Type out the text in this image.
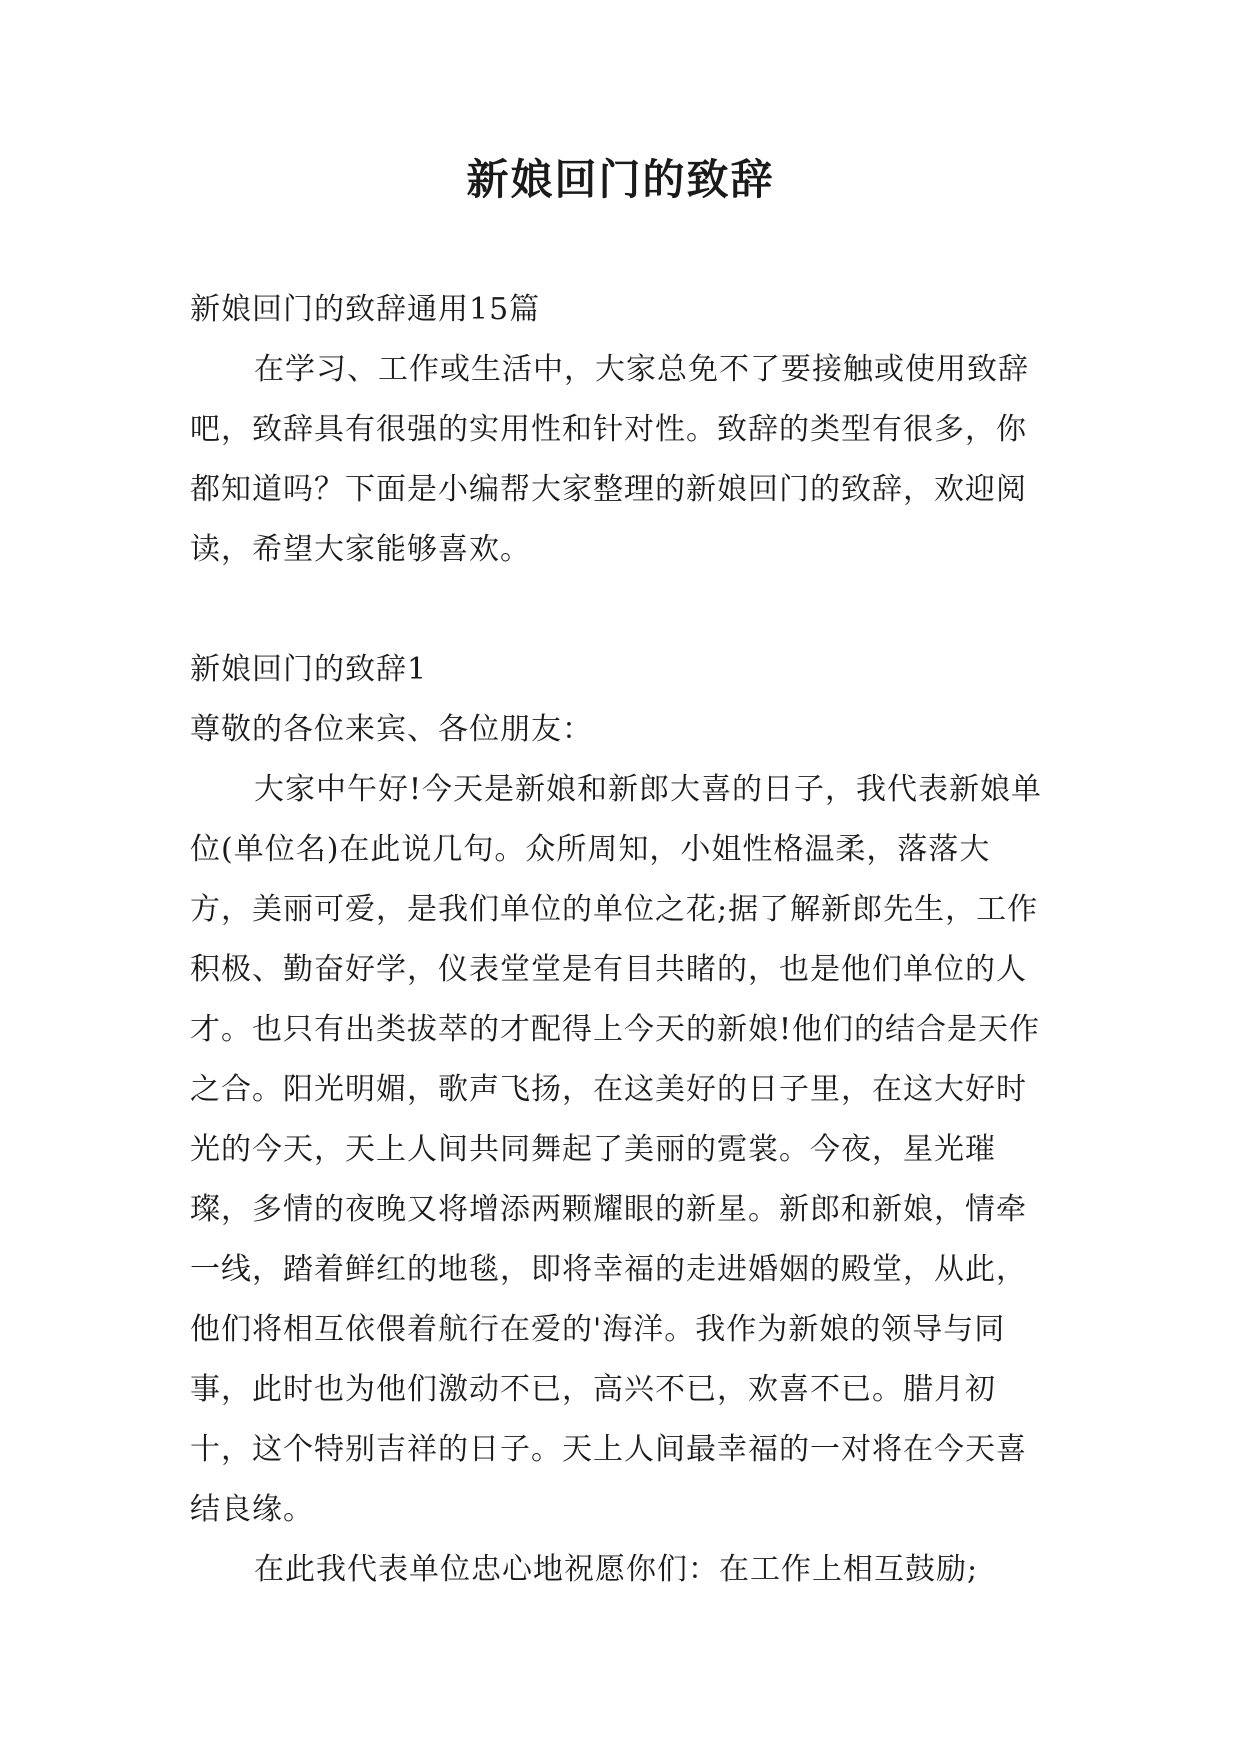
新娘回门的致辞

新娘回门的致辞通用15篇

在学习、工作或生活中，大家总免不了要接触或使用致辞吧，致辞具有很强的实用性和针对性。致辞的类型有很多，你都知道吗？下面是小编帮大家整理的新娘回门的致辞，欢迎阅读，希望大家能够喜欢。

新娘回门的致辞1

尊敬的各位来宾、各位朋友：

大家中午好!今天是新娘和新郎大喜的日子，我代表新娘单位(单位名)在此说几句。众所周知，小姐性格温柔，落落大方，美丽可爱，是我们单位的单位之花;据了解新郎先生，工作积极、勤奋好学，仪表堂堂是有目共睹的，也是他们单位的人才。也只有出类拔萃的才配得上今天的新娘!他们的结合是天作之合。阳光明媚，歌声飞扬，在这美好的日子里，在这大好时光的今天，天上人间共同舞起了美丽的霓裳。今夜，星光璀璨，多情的夜晚又将增添两颗耀眼的新星。新郎和新娘，情牵一线，踏着鲜红的地毯，即将幸福的走进婚姻的殿堂，从此，他们将相互依偎着航行在爱的'海洋。我作为新娘的领导与同事，此时也为他们激动不已，高兴不已，欢喜不已。腊月初十，这个特别吉祥的日子。天上人间最幸福的一对将在今天喜结良缘。

在此我代表单位忠心地祝愿你们：在工作上相互鼓励;
